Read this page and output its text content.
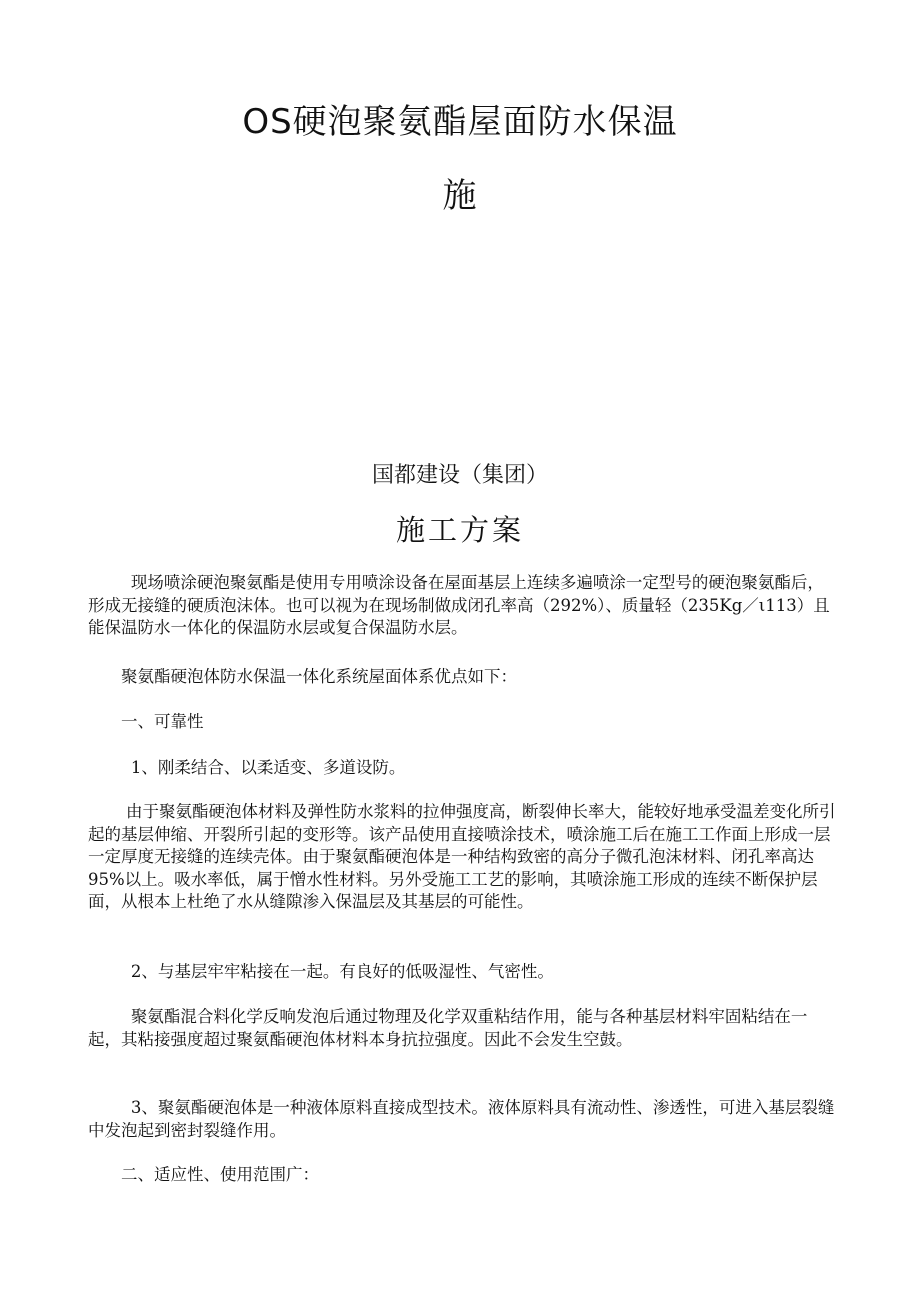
OS硬泡聚氨酯屋面防水保温
施

国都建设（集团）

施工方案

现场喷涂硬泡聚氨酯是使用专用喷涂设备在屋面基层上连续多遍喷涂一定型号的硬泡聚氨酯后，形成无接缝的硬质泡沫体。也可以视为在现场制做成闭孔率高（292%）、质量轻（235Kg／ι113）且能保温防水一体化的保温防水层或复合保温防水层。

聚氨酯硬泡体防水保温一体化系统屋面体系优点如下：

一、可靠性

1、刚柔结合、以柔适变、多道设防。

由于聚氨酯硬泡体材料及弹性防水浆料的拉伸强度高，断裂伸长率大，能较好地承受温差变化所引起的基层伸缩、开裂所引起的变形等。该产品使用直接喷涂技术，喷涂施工后在施工工作面上形成一层一定厚度无接缝的连续壳体。由于聚氨酯硬泡体是一种结构致密的高分子微孔泡沫材料、闭孔率高达95%以上。吸水率低，属于憎水性材料。另外受施工工艺的影响，其喷涂施工形成的连续不断保护层面，从根本上杜绝了水从缝隙渗入保温层及其基层的可能性。

2、与基层牢牢粘接在一起。有良好的低吸湿性、气密性。

聚氨酯混合料化学反响发泡后通过物理及化学双重粘结作用，能与各种基层材料牢固粘结在一起，其粘接强度超过聚氨酯硬泡体材料本身抗拉强度。因此不会发生空鼓。

3、聚氨酯硬泡体是一种液体原料直接成型技术。液体原料具有流动性、渗透性，可进入基层裂缝中发泡起到密封裂缝作用。

二、适应性、使用范围广：
